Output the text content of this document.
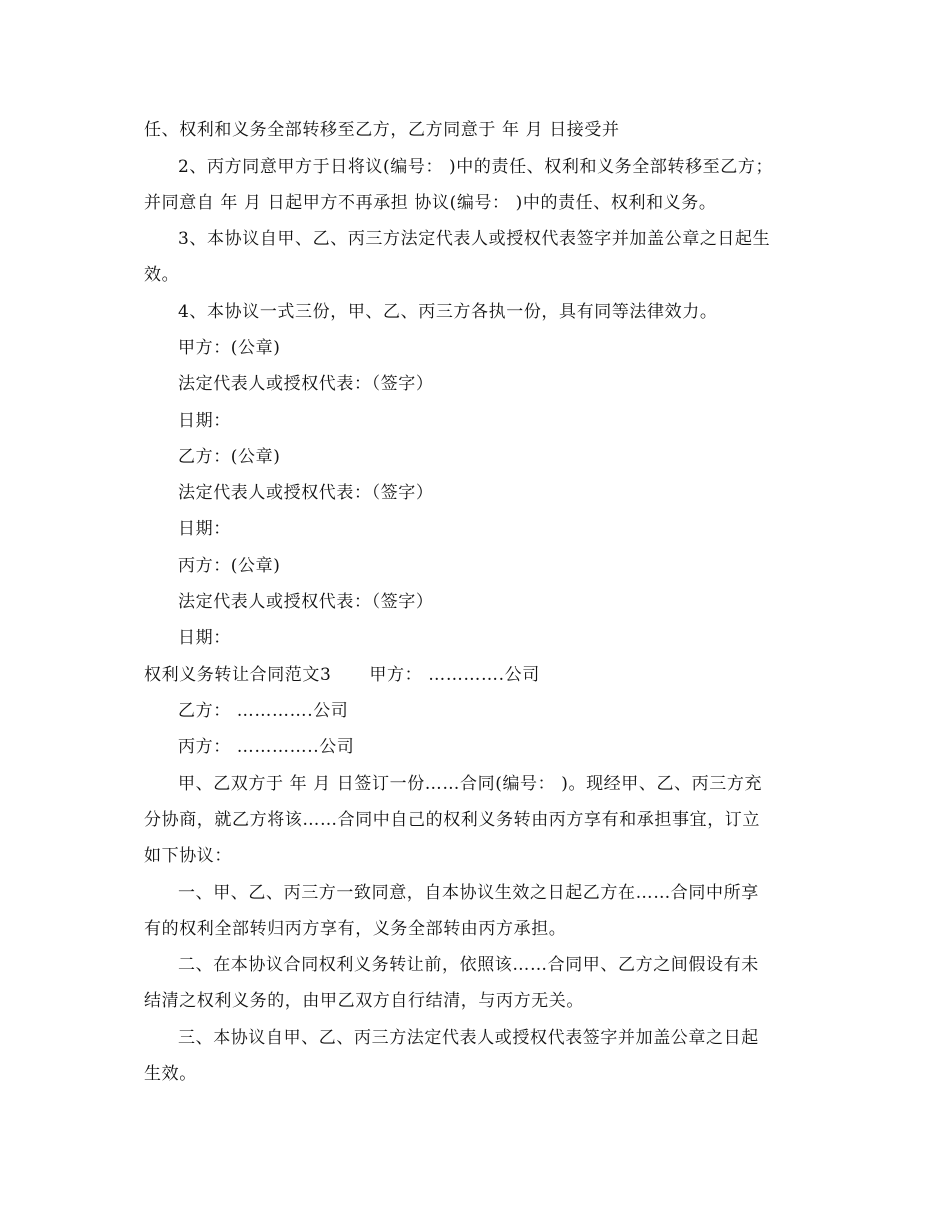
任、权利和义务全部转移至乙方，乙方同意于 年 月 日接受并
2、丙方同意甲方于日将议(编号： )中的责任、权利和义务全部转移至乙方；
并同意自 年 月 日起甲方不再承担 协议(编号： )中的责任、权利和义务。
3、本协议自甲、乙、丙三方法定代表人或授权代表签字并加盖公章之日起生
效。
4、本协议一式三份，甲、乙、丙三方各执一份，具有同等法律效力。
甲方：(公章)
法定代表人或授权代表：（签字）
日期：
乙方：(公章)
法定代表人或授权代表：（签字）
日期：
丙方：(公章)
法定代表人或授权代表：（签字）
日期：
权利义务转让合同范文3 甲方： ………….公司
乙方： ………….公司
丙方： …………..公司
甲、乙双方于 年 月 日签订一份……合同(编号： )。现经甲、乙、丙三方充
分协商，就乙方将该……合同中自己的权利义务转由丙方享有和承担事宜，订立
如下协议：
一、甲、乙、丙三方一致同意，自本协议生效之日起乙方在……合同中所享
有的权利全部转归丙方享有，义务全部转由丙方承担。
二、在本协议合同权利义务转让前，依照该……合同甲、乙方之间假设有未
结清之权利义务的，由甲乙双方自行结清，与丙方无关。
三、本协议自甲、乙、丙三方法定代表人或授权代表签字并加盖公章之日起
生效。
